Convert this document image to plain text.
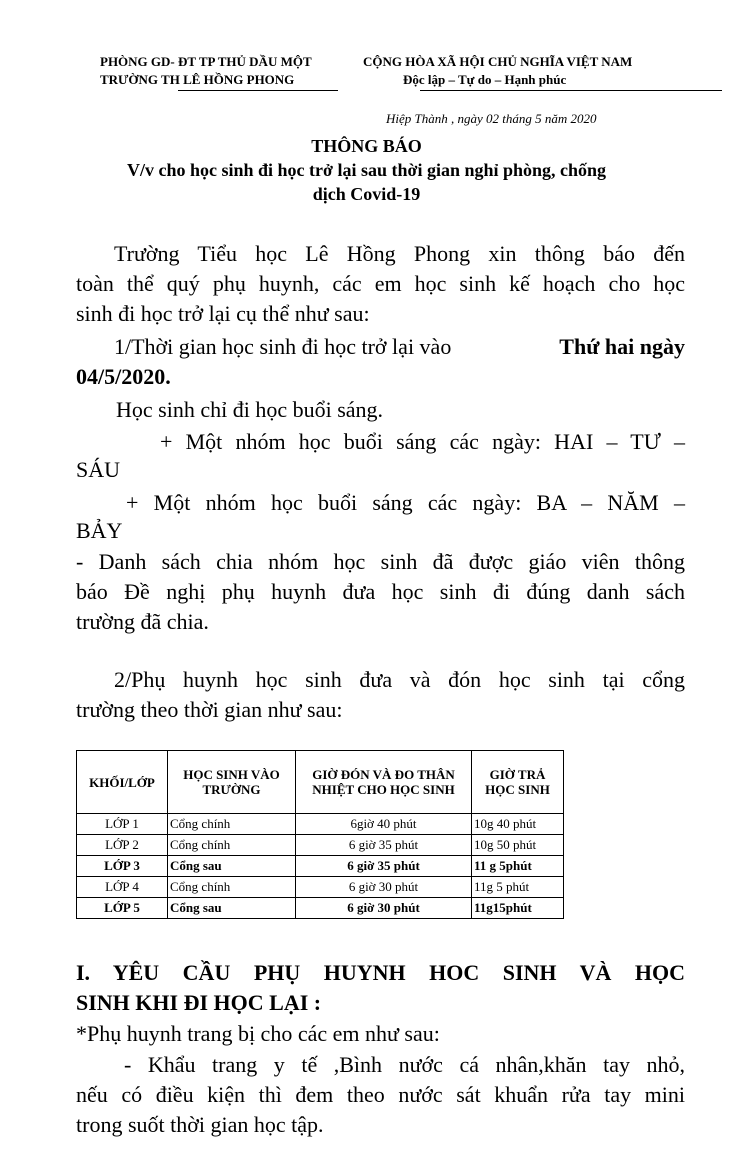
PHÒNG GD- ĐT TP THỦ DẦU MỘT
TRƯỜNG TH LÊ HỒNG PHONG
CỘNG HÒA XÃ HỘI CHỦ NGHĨA VIỆT NAM
Độc lập – Tự do – Hạnh phúc
Hiệp Thành , ngày 02 tháng 5 năm 2020
THÔNG BÁO
V/v cho học sinh đi học trở lại sau thời gian nghỉ phòng, chống
dịch Covid-19
Trường Tiểu học Lê Hồng Phong xin thông báo đến
toàn thể quý phụ huynh, các em học sinh kế hoạch cho học
sinh đi học trở lại cụ thể như sau:
1/Thời gian học sinh đi học trở lại vào	Thứ hai ngày
04/5/2020.
Học sinh chỉ đi học buổi sáng.
+ Một nhóm học buổi sáng các ngày: HAI – TƯ –
SÁU
+ Một nhóm học buổi sáng các ngày: BA – NĂM –
BẢY
- Danh sách chia nhóm học sinh đã được giáo viên thông
báo Đề nghị phụ huynh đưa học sinh đi đúng danh sách
trường đã chia.
2/Phụ huynh học sinh đưa và đón học sinh tại cổng
trường theo thời gian như sau:
KHỐI/LỚP	HỌC SINH VÀO TRƯỜNG	GIỜ ĐÓN VÀ ĐO THÂN NHIỆT CHO HỌC SINH	GIỜ TRẢ HỌC SINH
LỚP 1	Cổng chính	6giờ 40 phút	10g 40 phút
LỚP 2	Cổng chính	6 giờ 35 phút	10g 50 phút
LỚP 3	Cổng sau	6 giờ 35 phút	11 g 5phút
LỚP 4	Cổng chính	6 giờ 30 phút	11g 5 phút
LỚP 5	Cổng sau	6 giờ 30 phút	11g15phút
I. YÊU CẦU PHỤ HUYNH HOC SINH VÀ HỌC
SINH KHI ĐI HỌC LẠI :
*Phụ huynh trang bị cho các em như sau:
- Khẩu trang y tế ,Bình nước cá nhân,khăn tay nhỏ,
nếu có điều kiện thì đem theo nước sát khuẩn rửa tay mini
trong suốt thời gian học tập.
